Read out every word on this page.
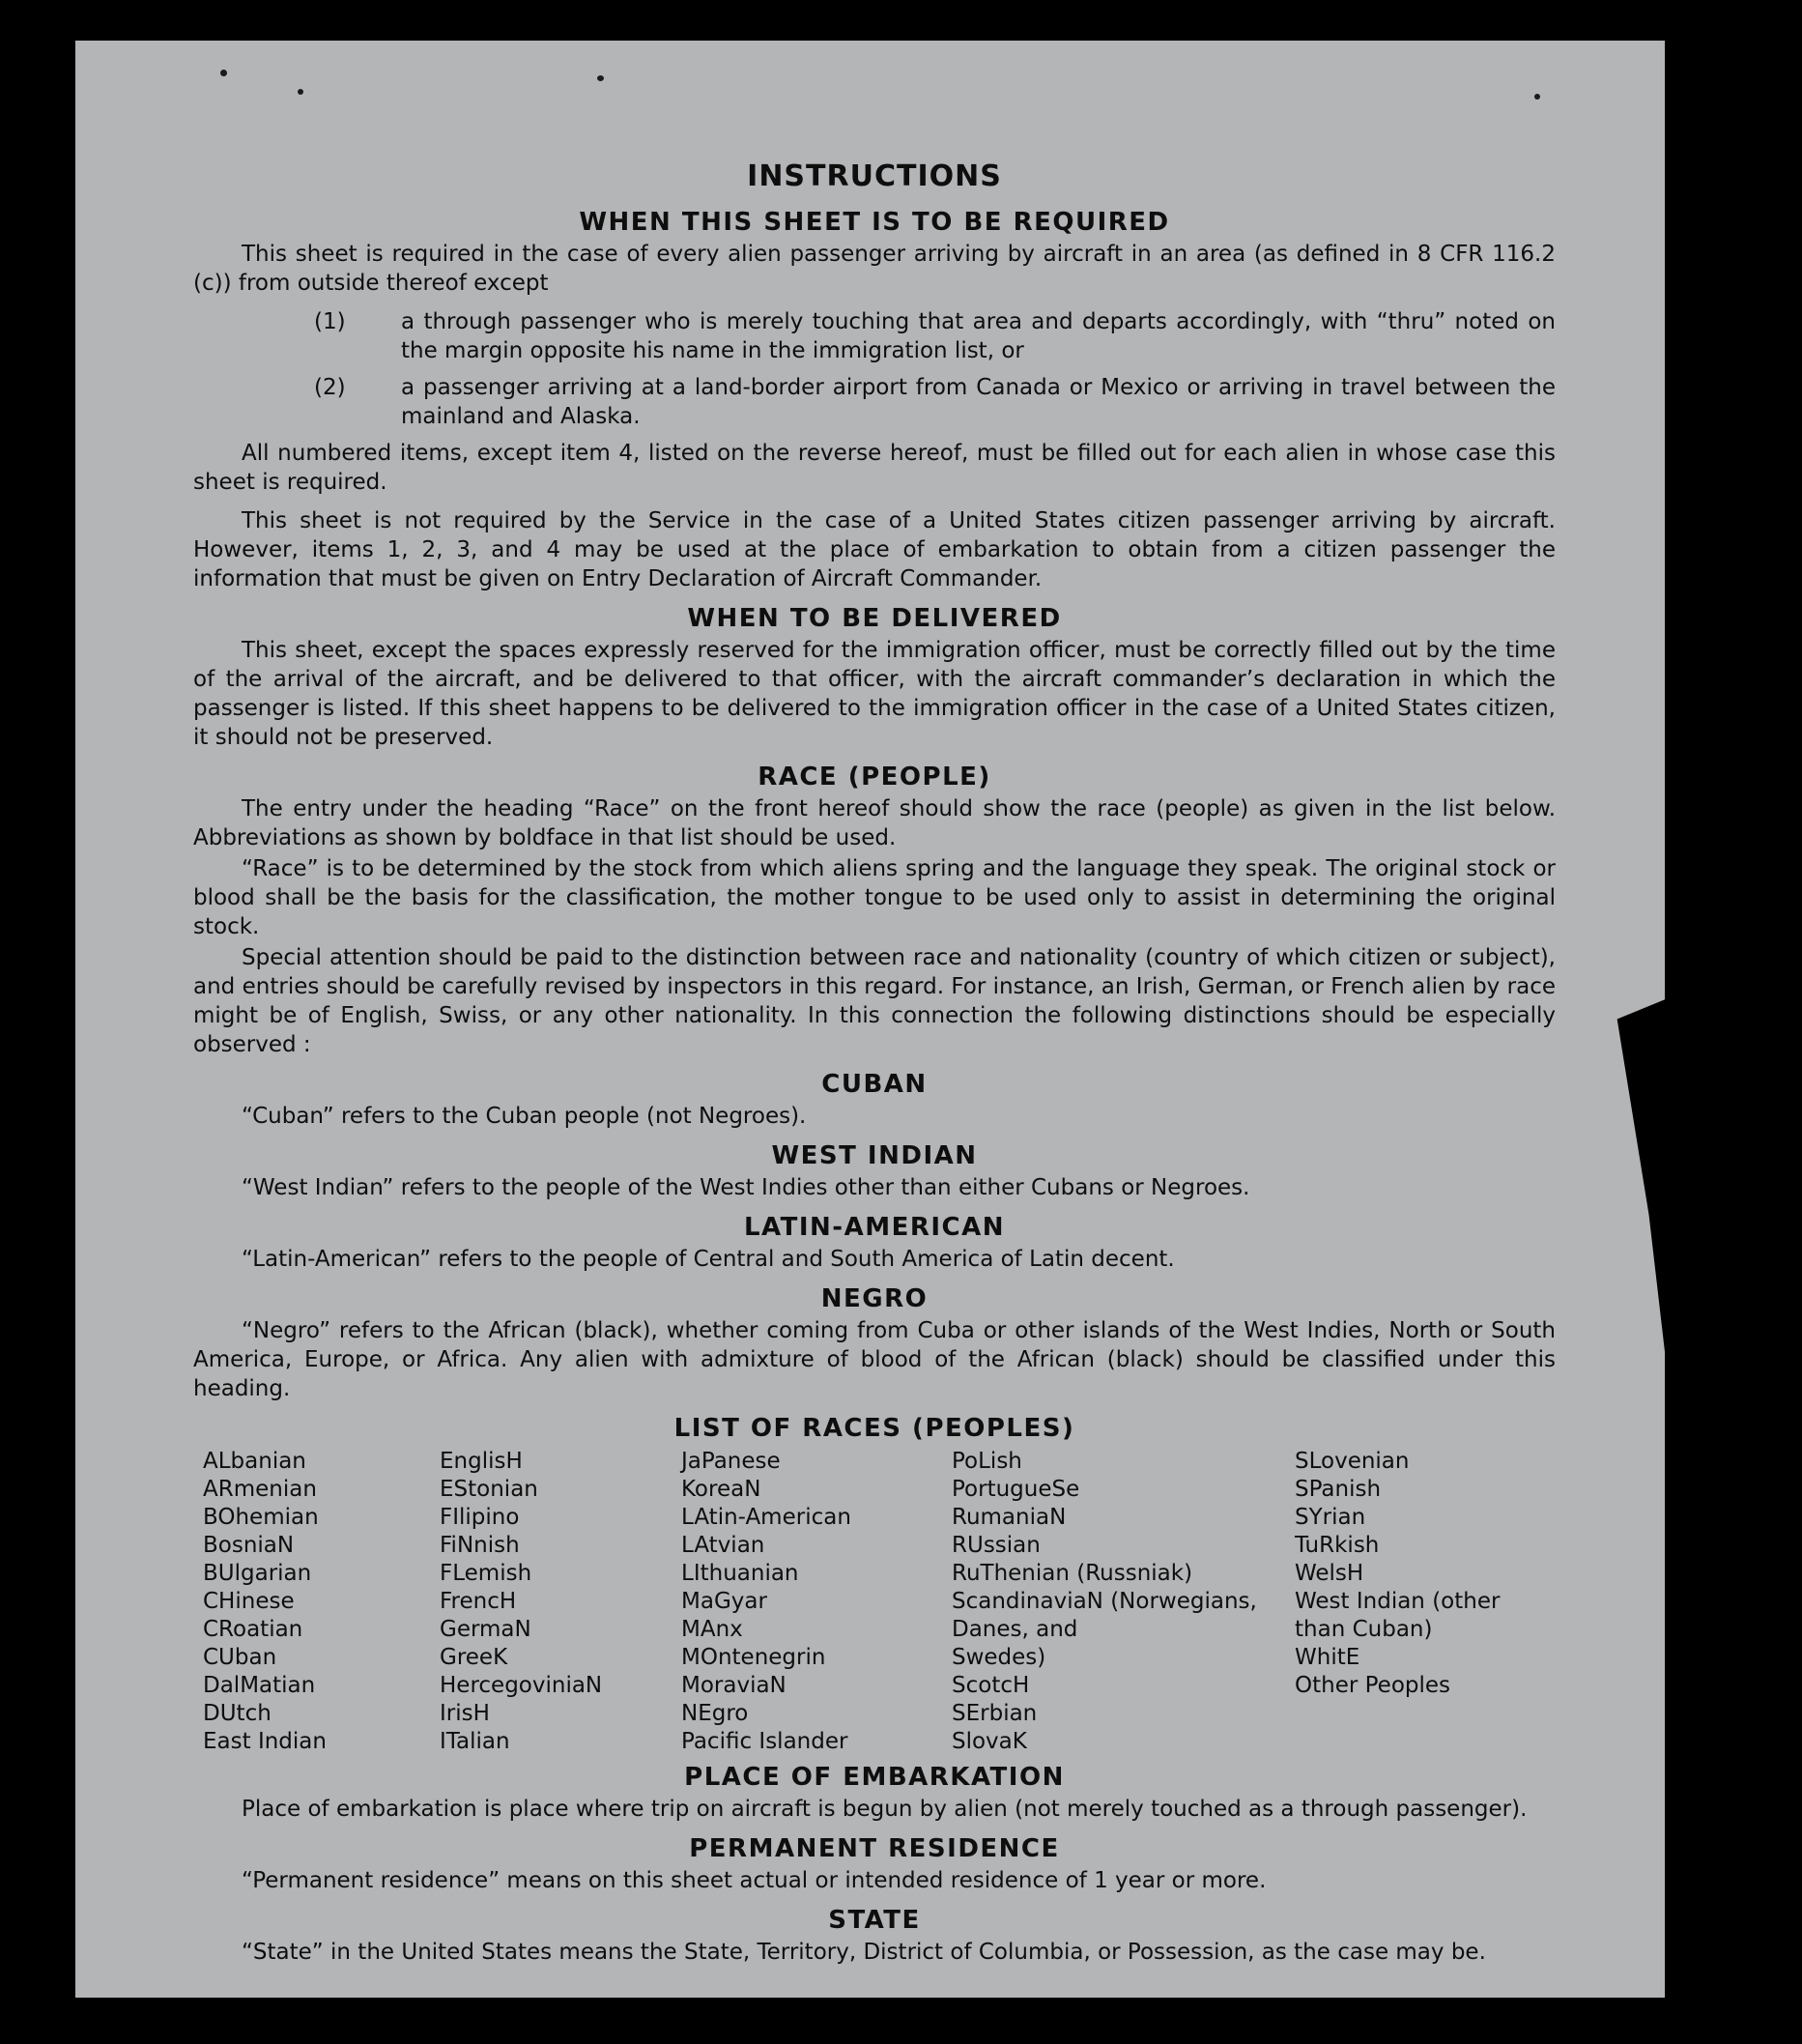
INSTRUCTIONS
WHEN THIS SHEET IS TO BE REQUIRED

This sheet is required in the case of every alien passenger arriving by aircraft in an area (as defined in 8 CFR 116.2 (c)) from outside thereof except

(1)	a through passenger who is merely touching that area and departs accordingly, with “thru” noted on the margin opposite his name in the immigration list, or
(2)	a passenger arriving at a land-border airport from Canada or Mexico or arriving in travel between the mainland and Alaska.

All numbered items, except item 4, listed on the reverse hereof, must be filled out for each alien in whose case this sheet is required.

This sheet is not required by the Service in the case of a United States citizen passenger arriving by aircraft. However, items 1, 2, 3, and 4 may be used at the place of embarkation to obtain from a citizen passenger the information that must be given on Entry Declaration of Aircraft Commander.

WHEN TO BE DELIVERED

This sheet, except the spaces expressly reserved for the immigration officer, must be correctly filled out by the time of the arrival of the aircraft, and be delivered to that officer, with the aircraft commander’s declaration in which the passenger is listed. If this sheet happens to be delivered to the immigration officer in the case of a United States citizen, it should not be preserved.

RACE (PEOPLE)

The entry under the heading “Race” on the front hereof should show the race (people) as given in the list below. Abbreviations as shown by boldface in that list should be used.

“Race” is to be determined by the stock from which aliens spring and the language they speak. The original stock or blood shall be the basis for the classification, the mother tongue to be used only to assist in determining the original stock.

Special attention should be paid to the distinction between race and nationality (country of which citizen or subject), and entries should be carefully revised by inspectors in this regard. For instance, an Irish, German, or French alien by race might be of English, Swiss, or any other nationality. In this connection the following distinctions should be especially observed :

CUBAN

“Cuban” refers to the Cuban people (not Negroes).

WEST INDIAN

“West Indian” refers to the people of the West Indies other than either Cubans or Negroes.

LATIN-AMERICAN

“Latin-American” refers to the people of Central and South America of Latin decent.

NEGRO

“Negro” refers to the African (black), whether coming from Cuba or other islands of the West Indies, North or South America, Europe, or Africa. Any alien with admixture of blood of the African (black) should be classified under this heading.

LIST OF RACES (PEOPLES)
ALbanian
ARmenian
BOhemian
BosniaN
BUlgarian
CHinese
CRoatian
CUban
DalMatian
DUtch
East Indian
EnglisH
EStonian
FIlipino
FiNnish
FLemish
FrencH
GermaN
GreeK
HercegoviniaN
IrisH
ITalian
JaPanese
KoreaN
LAtin-American
LAtvian
LIthuanian
MaGyar
MAnx
MOntenegrin
MoraviaN
NEgro
Pacific Islander
PoLish
PortugueSe
RumaniaN
RUssian
RuThenian (Russniak)
ScandinaviaN (Norwegians,
Danes, and
Swedes)
ScotcH
SErbian
SlovaK
SLovenian
SPanish
SYrian
TuRkish
WelsH
West Indian (other
than Cuban)
WhitE
Other Peoples
PLACE OF EMBARKATION

Place of embarkation is place where trip on aircraft is begun by alien (not merely touched as a through passenger).

PERMANENT RESIDENCE

“Permanent residence” means on this sheet actual or intended residence of 1 year or more.

STATE

“State” in the United States means the State, Territory, District of Columbia, or Possession, as the case may be.
